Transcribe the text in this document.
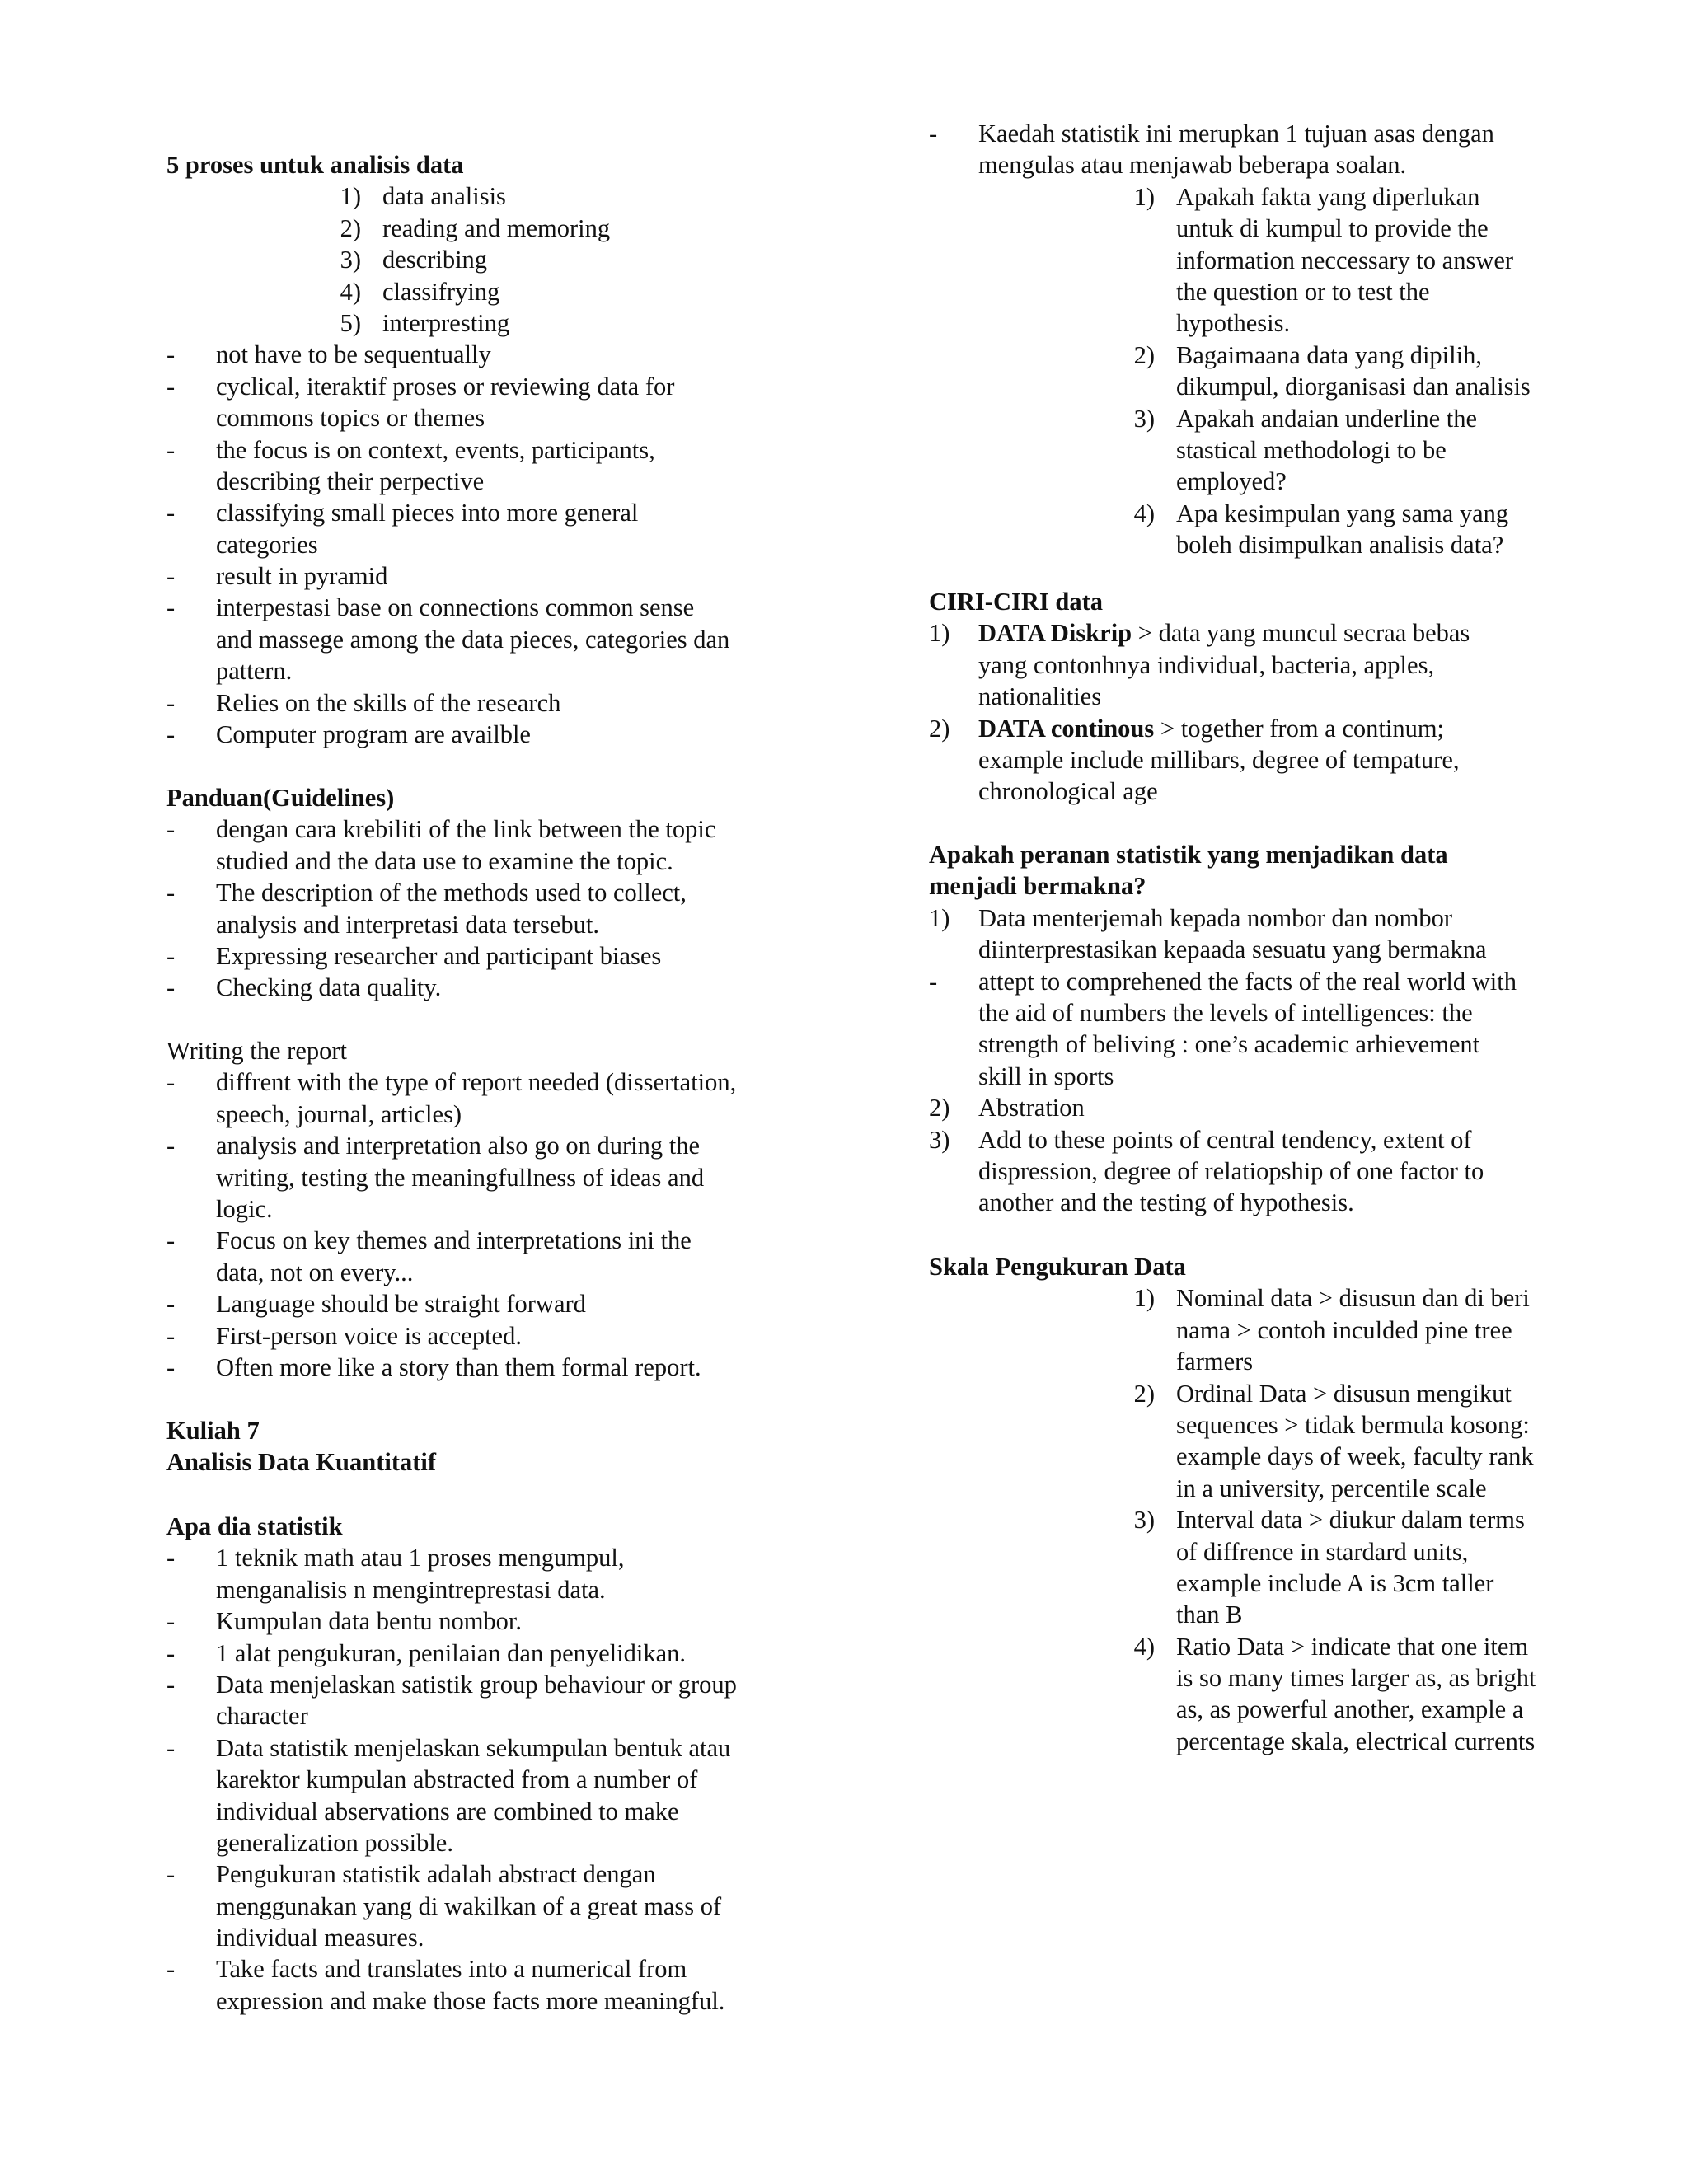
5 proses untuk analisis data
1) data analisis
2) reading and memoring
3) describing
4) classifrying
5) interpresting
-	not have to be sequentually
-	cyclical, iteraktif proses or reviewing data for
commons topics or themes
-	the focus is on context, events, participants,
describing their perpective
-	classifying small pieces into more general
categories
-	result in pyramid
-	interpestasi base on connections common sense
and massege among the data pieces, categories dan
pattern.
-	Relies on the skills of the research
-	Computer program are availble
Panduan(Guidelines)
-	dengan cara krebiliti of the link between the topic
studied and the data use to examine the topic.
-	The description of the methods used to collect,
analysis and interpretasi data tersebut.
-	Expressing researcher and participant biases
-	Checking data quality.
Writing the report
-	diffrent with the type of report needed (dissertation,
speech, journal, articles)
-	analysis and interpretation also go on during the
writing, testing the meaningfullness of ideas and
logic.
-	Focus on key themes and interpretations ini the
data, not on every...
-	Language should be straight forward
-	First-person voice is accepted.
-	Often more like a story than them formal report.
Kuliah 7
Analisis Data Kuantitatif
Apa dia statistik
-	1 teknik math atau 1 proses mengumpul,
menganalisis n mengintreprestasi data.
-	Kumpulan data bentu nombor.
-	1 alat pengukuran, penilaian dan penyelidikan.
-	Data menjelaskan satistik group behaviour or group
character
-	Data statistik menjelaskan sekumpulan bentuk atau
karektor kumpulan abstracted from a number of
individual abservations are combined to make
generalization possible.
-	Pengukuran statistik adalah abstract dengan
menggunakan yang di wakilkan of a great mass of
individual measures.
-	Take facts and translates into a numerical from
expression and make those facts more meaningful.
-	Kaedah statistik ini merupkan 1 tujuan asas dengan
mengulas atau menjawab beberapa soalan.
1) Apakah fakta yang diperlukan
untuk di kumpul to provide the
information neccessary to answer
the question or to test the
hypothesis.
2) Bagaimaana data yang dipilih,
dikumpul, diorganisasi dan analisis
3) Apakah andaian underline the
stastical methodologi to be
employed?
4) Apa kesimpulan yang sama yang
boleh disimpulkan analisis data?
CIRI-CIRI data
1)	DATA Diskrip > data yang muncul secraa bebas
yang contonhnya individual, bacteria, apples,
nationalities
2)	DATA continous > together from a continum;
example include millibars, degree of tempature,
chronological age
Apakah peranan statistik yang menjadikan data
menjadi bermakna?
1)	Data menterjemah kepada nombor dan nombor
diinterprestasikan kepaada sesuatu yang bermakna
-	attept to comprehened the facts of the real world with
the aid of numbers the levels of intelligences: the
strength of beliving : one’s academic arhievement
skill in sports
2)	Abstration
3)	Add to these points of central tendency, extent of
dispression, degree of relatiopship of one factor to
another and the testing of hypothesis.
Skala Pengukuran Data
1) Nominal data > disusun dan di beri
nama > contoh inculded pine tree
farmers
2) Ordinal Data > disusun mengikut
sequences > tidak bermula kosong:
example days of week, faculty rank
in a university, percentile scale
3) Interval data > diukur dalam terms
of diffrence in stardard units,
example include A is 3cm taller
than B
4) Ratio Data > indicate that one item
is so many times larger as, as bright
as, as powerful another, example a
percentage skala, electrical currents
